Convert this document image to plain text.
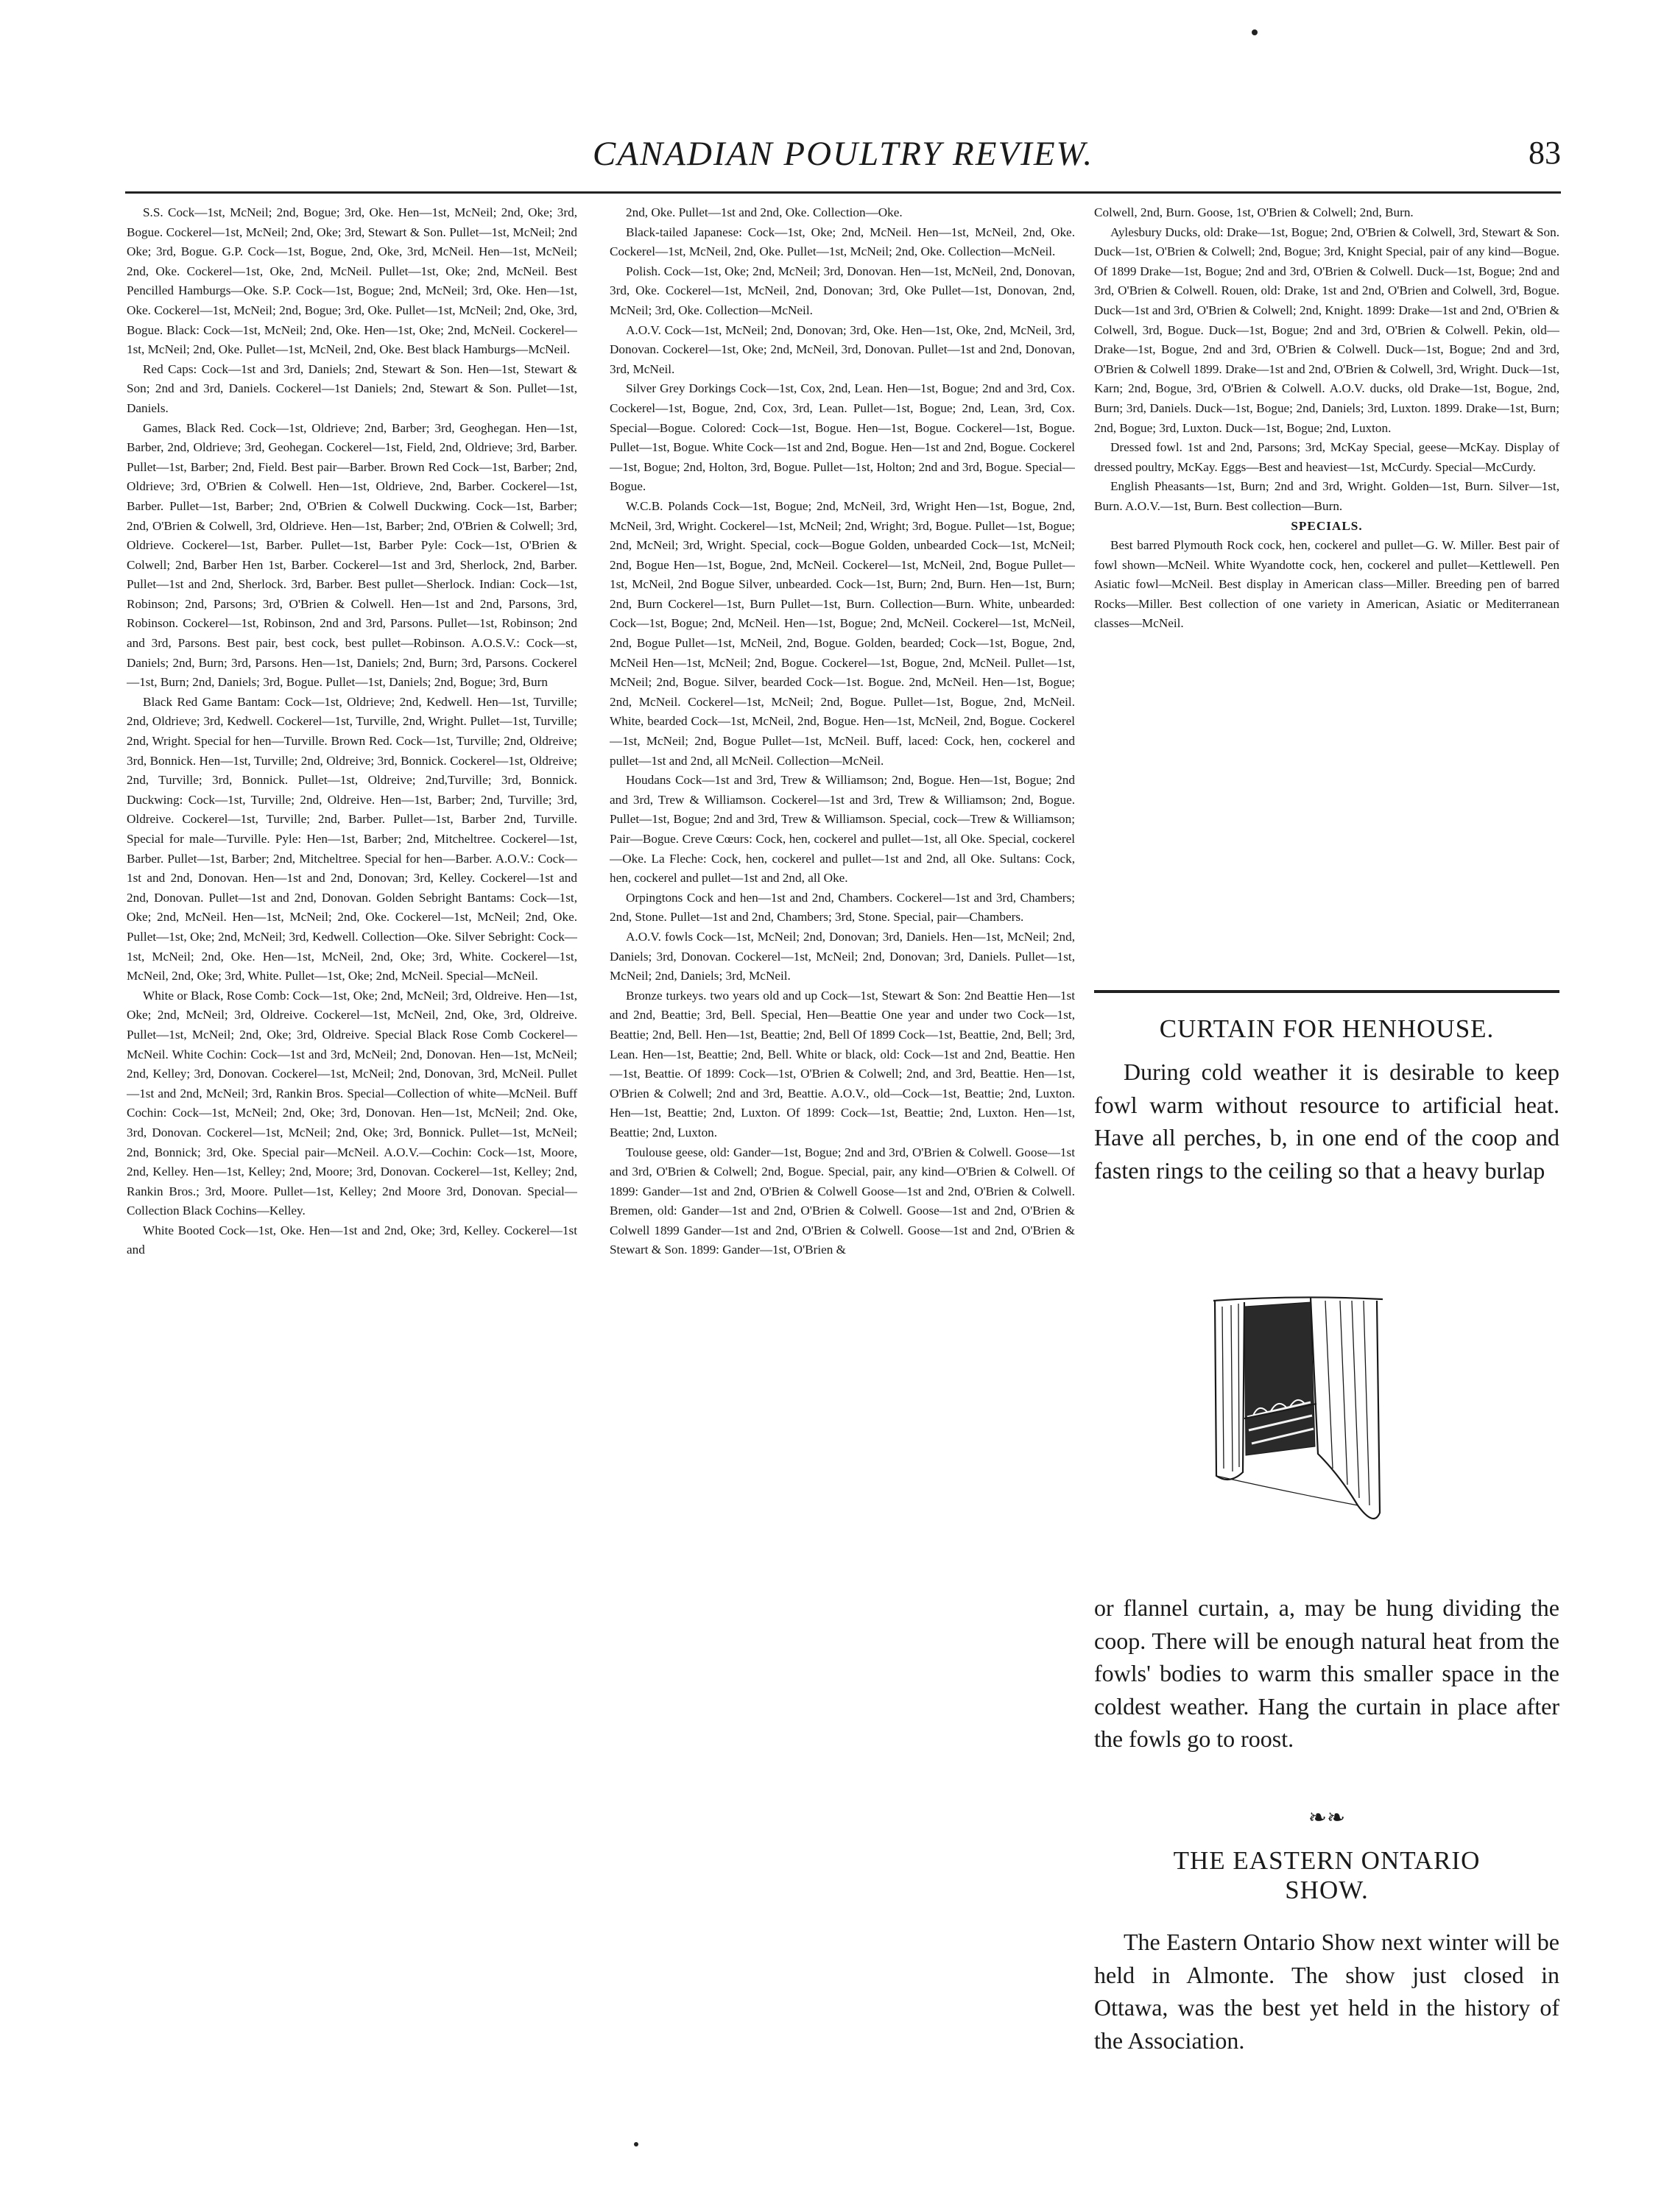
CANADIAN POULTRY REVIEW.	83

S.S. Cock—1st, McNeil; 2nd, Bogue; 3rd, Oke. Hen—1st, McNeil; 2nd, Oke; 3rd, Bogue. Cockerel—1st, McNeil; 2nd, Oke; 3rd, Stewart & Son. Pullet—1st, McNeil; 2nd Oke; 3rd, Bogue. G.P. Cock—1st, Bogue, 2nd, Oke, 3rd, McNeil. Hen—1st, McNeil; 2nd, Oke. Cockerel—1st, Oke, 2nd, McNeil. Pullet—1st, Oke; 2nd, McNeil. Best Pencilled Hamburgs—Oke. S.P. Cock—1st, Bogue; 2nd, McNeil; 3rd, Oke. Hen—1st, Oke. Cockerel—1st, McNeil; 2nd, Bogue; 3rd, Oke. Pullet—1st, McNeil; 2nd, Oke, 3rd, Bogue. Black: Cock—1st, McNeil; 2nd, Oke. Hen—1st, Oke; 2nd, McNeil. Cockerel—1st, McNeil; 2nd, Oke. Pullet—1st, McNeil, 2nd, Oke. Best black Hamburgs—McNeil.

Red Caps: Cock—1st and 3rd, Daniels; 2nd, Stewart & Son. Hen—1st, Stewart & Son; 2nd and 3rd, Daniels. Cockerel—1st Daniels; 2nd, Stewart & Son. Pullet—1st, Daniels.

Games, Black Red. Cock—1st, Oldrieve; 2nd, Barber; 3rd, Geoghegan. Hen—1st, Barber, 2nd, Oldrieve; 3rd, Geohegan. Cockerel—1st, Field, 2nd, Oldrieve; 3rd, Barber. Pullet—1st, Barber; 2nd, Field. Best pair—Barber. Brown Red Cock—1st, Barber; 2nd, Oldrieve; 3rd, O'Brien & Colwell. Hen—1st, Oldrieve, 2nd, Barber. Cockerel—1st, Barber. Pullet—1st, Barber; 2nd, O'Brien & Colwell Duckwing. Cock—1st, Barber; 2nd, O'Brien & Colwell, 3rd, Oldrieve. Hen—1st, Barber; 2nd, O'Brien & Colwell; 3rd, Oldrieve. Cockerel—1st, Barber. Pullet—1st, Barber Pyle: Cock—1st, O'Brien & Colwell; 2nd, Barber Hen 1st, Barber. Cockerel—1st and 3rd, Sherlock, 2nd, Barber. Pullet—1st and 2nd, Sherlock. 3rd, Barber. Best pullet—Sherlock. Indian: Cock—1st, Robinson; 2nd, Parsons; 3rd, O'Brien & Colwell. Hen—1st and 2nd, Parsons, 3rd, Robinson. Cockerel—1st, Robinson, 2nd and 3rd, Parsons. Pullet—1st, Robinson; 2nd and 3rd, Parsons. Best pair, best cock, best pullet—Robinson. A.O.S.V.: Cock—st, Daniels; 2nd, Burn; 3rd, Parsons. Hen—1st, Daniels; 2nd, Burn; 3rd, Parsons. Cockerel—1st, Burn; 2nd, Daniels; 3rd, Bogue. Pullet—1st, Daniels; 2nd, Bogue; 3rd, Burn

Black Red Game Bantam: Cock—1st, Oldrieve; 2nd, Kedwell. Hen—1st, Turville; 2nd, Oldrieve; 3rd, Kedwell. Cockerel—1st, Turville, 2nd, Wright. Pullet—1st, Turville; 2nd, Wright. Special for hen—Turville. Brown Red. Cock—1st, Turville; 2nd, Oldreive; 3rd, Bonnick. Hen—1st, Turville; 2nd, Oldreive; 3rd, Bonnick. Cockerel—1st, Oldreive; 2nd, Turville; 3rd, Bonnick. Pullet—1st, Oldreive; 2nd,Turville; 3rd, Bonnick. Duckwing: Cock—1st, Turville; 2nd, Oldreive. Hen—1st, Barber; 2nd, Turville; 3rd, Oldreive. Cockerel—1st, Turville; 2nd, Barber. Pullet—1st, Barber 2nd, Turville. Special for male—Turville. Pyle: Hen—1st, Barber; 2nd, Mitcheltree. Cockerel—1st, Barber. Pullet—1st, Barber; 2nd, Mitcheltree. Special for hen—Barber. A.O.V.: Cock—1st and 2nd, Donovan. Hen—1st and 2nd, Donovan; 3rd, Kelley. Cockerel—1st and 2nd, Donovan. Pullet—1st and 2nd, Donovan. Golden Sebright Bantams: Cock—1st, Oke; 2nd, McNeil. Hen—1st, McNeil; 2nd, Oke. Cockerel—1st, McNeil; 2nd, Oke. Pullet—1st, Oke; 2nd, McNeil; 3rd, Kedwell. Collection—Oke. Silver Sebright: Cock—1st, McNeil; 2nd, Oke. Hen—1st, McNeil, 2nd, Oke; 3rd, White. Cockerel—1st, McNeil, 2nd, Oke; 3rd, White. Pullet—1st, Oke; 2nd, McNeil. Special—McNeil.

White or Black, Rose Comb: Cock—1st, Oke; 2nd, McNeil; 3rd, Oldreive. Hen—1st, Oke; 2nd, McNeil; 3rd, Oldreive. Cockerel—1st, McNeil, 2nd, Oke, 3rd, Oldreive. Pullet—1st, McNeil; 2nd, Oke; 3rd, Oldreive. Special Black Rose Comb Cockerel—McNeil. White Cochin: Cock—1st and 3rd, McNeil; 2nd, Donovan. Hen—1st, McNeil; 2nd, Kelley; 3rd, Donovan. Cockerel—1st, McNeil; 2nd, Donovan, 3rd, McNeil. Pullet—1st and 2nd, McNeil; 3rd, Rankin Bros. Special—Collection of white—McNeil. Buff Cochin: Cock—1st, McNeil; 2nd, Oke; 3rd, Donovan. Hen—1st, McNeil; 2nd. Oke, 3rd, Donovan. Cockerel—1st, McNeil; 2nd, Oke; 3rd, Bonnick. Pullet—1st, McNeil; 2nd, Bonnick; 3rd, Oke. Special pair—McNeil. A.O.V.—Cochin: Cock—1st, Moore, 2nd, Kelley. Hen—1st, Kelley; 2nd, Moore; 3rd, Donovan. Cockerel—1st, Kelley; 2nd, Rankin Bros.; 3rd, Moore. Pullet—1st, Kelley; 2nd Moore 3rd, Donovan. Special—Collection Black Cochins—Kelley.

White Booted Cock—1st, Oke. Hen—1st and 2nd, Oke; 3rd, Kelley. Cockerel—1st and

2nd, Oke. Pullet—1st and 2nd, Oke. Collection—Oke.

Black-tailed Japanese: Cock—1st, Oke; 2nd, McNeil. Hen—1st, McNeil, 2nd, Oke. Cockerel—1st, McNeil, 2nd, Oke. Pullet—1st, McNeil; 2nd, Oke. Collection—McNeil.

Polish. Cock—1st, Oke; 2nd, McNeil; 3rd, Donovan. Hen—1st, McNeil, 2nd, Donovan, 3rd, Oke. Cockerel—1st, McNeil, 2nd, Donovan; 3rd, Oke Pullet—1st, Donovan, 2nd, McNeil; 3rd, Oke. Collection—McNeil.

A.O.V. Cock—1st, McNeil; 2nd, Donovan; 3rd, Oke. Hen—1st, Oke, 2nd, McNeil, 3rd, Donovan. Cockerel—1st, Oke; 2nd, McNeil, 3rd, Donovan. Pullet—1st and 2nd, Donovan, 3rd, McNeil.

Silver Grey Dorkings Cock—1st, Cox, 2nd, Lean. Hen—1st, Bogue; 2nd and 3rd, Cox. Cockerel—1st, Bogue, 2nd, Cox, 3rd, Lean. Pullet—1st, Bogue; 2nd, Lean, 3rd, Cox. Special—Bogue. Colored: Cock—1st, Bogue. Hen—1st, Bogue. Cockerel—1st, Bogue. Pullet—1st, Bogue. White Cock—1st and 2nd, Bogue. Hen—1st and 2nd, Bogue. Cockerel—1st, Bogue; 2nd, Holton, 3rd, Bogue. Pullet—1st, Holton; 2nd and 3rd, Bogue. Special—Bogue.

W.C.B. Polands Cock—1st, Bogue; 2nd, McNeil, 3rd, Wright Hen—1st, Bogue, 2nd, McNeil, 3rd, Wright. Cockerel—1st, McNeil; 2nd, Wright; 3rd, Bogue. Pullet—1st, Bogue; 2nd, McNeil; 3rd, Wright. Special, cock—Bogue Golden, unbearded Cock—1st, McNeil; 2nd, Bogue Hen—1st, Bogue, 2nd, McNeil. Cockerel—1st, McNeil, 2nd, Bogue Pullet—1st, McNeil, 2nd Bogue Silver, unbearded. Cock—1st, Burn; 2nd, Burn. Hen—1st, Burn; 2nd, Burn Cockerel—1st, Burn Pullet—1st, Burn. Collection—Burn. White, unbearded: Cock—1st, Bogue; 2nd, McNeil. Hen—1st, Bogue; 2nd, McNeil. Cockerel—1st, McNeil, 2nd, Bogue Pullet—1st, McNeil, 2nd, Bogue. Golden, bearded; Cock—1st, Bogue, 2nd, McNeil Hen—1st, McNeil; 2nd, Bogue. Cockerel—1st, Bogue, 2nd, McNeil. Pullet—1st, McNeil; 2nd, Bogue. Silver, bearded Cock—1st. Bogue. 2nd, McNeil. Hen—1st, Bogue; 2nd, McNeil. Cockerel—1st, McNeil; 2nd, Bogue. Pullet—1st, Bogue, 2nd, McNeil. White, bearded Cock—1st, McNeil, 2nd, Bogue. Hen—1st, McNeil, 2nd, Bogue. Cockerel—1st, McNeil; 2nd, Bogue Pullet—1st, McNeil. Buff, laced: Cock, hen, cockerel and pullet—1st and 2nd, all McNeil. Collection—McNeil.

Houdans Cock—1st and 3rd, Trew & Williamson; 2nd, Bogue. Hen—1st, Bogue; 2nd and 3rd, Trew & Williamson. Cockerel—1st and 3rd, Trew & Williamson; 2nd, Bogue. Pullet—1st, Bogue; 2nd and 3rd, Trew & Williamson. Special, cock—Trew & Williamson; Pair—Bogue. Creve Cœurs: Cock, hen, cockerel and pullet—1st, all Oke. Special, cockerel—Oke. La Fleche: Cock, hen, cockerel and pullet—1st and 2nd, all Oke. Sultans: Cock, hen, cockerel and pullet—1st and 2nd, all Oke.

Orpingtons Cock and hen—1st and 2nd, Chambers. Cockerel—1st and 3rd, Chambers; 2nd, Stone. Pullet—1st and 2nd, Chambers; 3rd, Stone. Special, pair—Chambers.

A.O.V. fowls Cock—1st, McNeil; 2nd, Donovan; 3rd, Daniels. Hen—1st, McNeil; 2nd, Daniels; 3rd, Donovan. Cockerel—1st, McNeil; 2nd, Donovan; 3rd, Daniels. Pullet—1st, McNeil; 2nd, Daniels; 3rd, McNeil.

Bronze turkeys. two years old and up Cock—1st, Stewart & Son: 2nd Beattie Hen—1st and 2nd, Beattie; 3rd, Bell. Special, Hen—Beattie One year and under two Cock—1st, Beattie; 2nd, Bell. Hen—1st, Beattie; 2nd, Bell Of 1899 Cock—1st, Beattie, 2nd, Bell; 3rd, Lean. Hen—1st, Beattie; 2nd, Bell. White or black, old: Cock—1st and 2nd, Beattie. Hen—1st, Beattie. Of 1899: Cock—1st, O'Brien & Colwell; 2nd, and 3rd, Beattie. Hen—1st, O'Brien & Colwell; 2nd and 3rd, Beattie. A.O.V., old—Cock—1st, Beattie; 2nd, Luxton. Hen—1st, Beattie; 2nd, Luxton. Of 1899: Cock—1st, Beattie; 2nd, Luxton. Hen—1st, Beattie; 2nd, Luxton.

Toulouse geese, old: Gander—1st, Bogue; 2nd and 3rd, O'Brien & Colwell. Goose—1st and 3rd, O'Brien & Colwell; 2nd, Bogue. Special, pair, any kind—O'Brien & Colwell. Of 1899: Gander—1st and 2nd, O'Brien & Colwell Goose—1st and 2nd, O'Brien & Colwell. Bremen, old: Gander—1st and 2nd, O'Brien & Colwell. Goose—1st and 2nd, O'Brien & Colwell 1899 Gander—1st and 2nd, O'Brien & Colwell. Goose—1st and 2nd, O'Brien & Stewart & Son. 1899: Gander—1st, O'Brien &

Colwell, 2nd, Burn. Goose, 1st, O'Brien & Colwell; 2nd, Burn.

Aylesbury Ducks, old: Drake—1st, Bogue; 2nd, O'Brien & Colwell, 3rd, Stewart & Son. Duck—1st, O'Brien & Colwell; 2nd, Bogue; 3rd, Knight Special, pair of any kind—Bogue. Of 1899 Drake—1st, Bogue; 2nd and 3rd, O'Brien & Colwell. Duck—1st, Bogue; 2nd and 3rd, O'Brien & Colwell. Rouen, old: Drake, 1st and 2nd, O'Brien and Colwell, 3rd, Bogue. Duck—1st and 3rd, O'Brien & Colwell; 2nd, Knight. 1899: Drake—1st and 2nd, O'Brien & Colwell, 3rd, Bogue. Duck—1st, Bogue; 2nd and 3rd, O'Brien & Colwell. Pekin, old—Drake—1st, Bogue, 2nd and 3rd, O'Brien & Colwell. Duck—1st, Bogue; 2nd and 3rd, O'Brien & Colwell 1899. Drake—1st and 2nd, O'Brien & Colwell, 3rd, Wright. Duck—1st, Karn; 2nd, Bogue, 3rd, O'Brien & Colwell. A.O.V. ducks, old Drake—1st, Bogue, 2nd, Burn; 3rd, Daniels. Duck—1st, Bogue; 2nd, Daniels; 3rd, Luxton. 1899. Drake—1st, Burn; 2nd, Bogue; 3rd, Luxton. Duck—1st, Bogue; 2nd, Luxton.

Dressed fowl. 1st and 2nd, Parsons; 3rd, McKay Special, geese—McKay. Display of dressed poultry, McKay. Eggs—Best and heaviest—1st, McCurdy. Special—McCurdy.

English Pheasants—1st, Burn; 2nd and 3rd, Wright. Golden—1st, Burn. Silver—1st, Burn. A.O.V.—1st, Burn. Best collection—Burn.

SPECIALS.

Best barred Plymouth Rock cock, hen, cockerel and pullet—G. W. Miller. Best pair of fowl shown—McNeil. White Wyandotte cock, hen, cockerel and pullet—Kettlewell. Pen Asiatic fowl—McNeil. Best display in American class—Miller. Breeding pen of barred Rocks—Miller. Best collection of one variety in American, Asiatic or Mediterranean classes—McNeil.

CURTAIN FOR HENHOUSE.

During cold weather it is desirable to keep fowl warm without resource to artificial heat. Have all perches, b, in one end of the coop and fasten rings to the ceiling so that a heavy burlap

or flannel curtain, a, may be hung dividing the coop. There will be enough natural heat from the fowls' bodies to warm this smaller space in the coldest weather. Hang the curtain in place after the fowls go to roost.

❧❧
THE EASTERN ONTARIO
SHOW.

The Eastern Ontario Show next winter will be held in Almonte. The show just closed in Ottawa, was the best yet held in the history of the Association.
